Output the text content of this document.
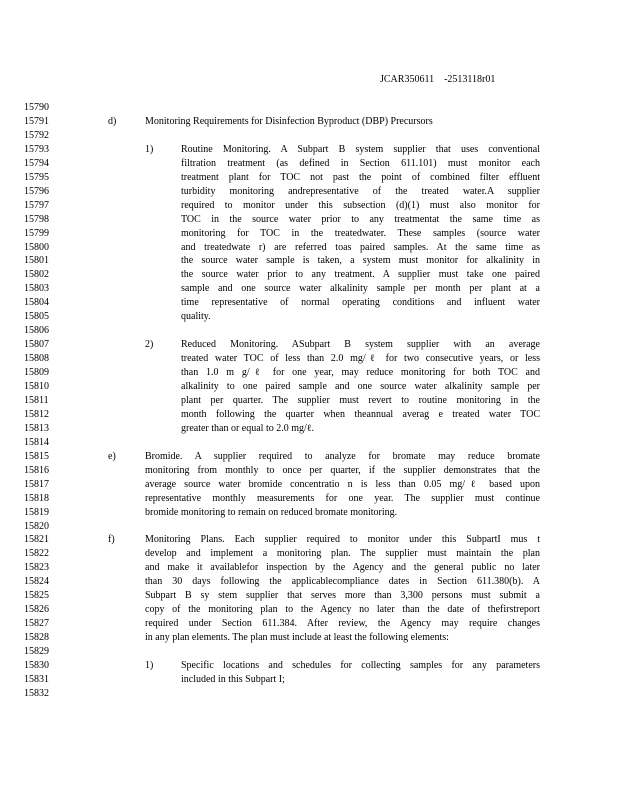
JCAR350611    -2513118r01
15790
15791	d)	Monitoring Requirements for Disinfection Byproduct (DBP) Precursors
15792
15793	1)	Routine Monitoring. A Subpart B system supplier that uses conventional
15794	filtration treatment (as defined in Section 611.101) must monitor each
15795	treatment plant for TOC not past the point of combined filter effluent
15796	turbidity monitoring andrepresentative of the treated water.A supplier
15797	required to monitor under this subsection (d)(1) must also monitor for
15798	TOC in the source water prior to any treatmentat the same time as
15799	monitoring for TOC in the treatedwater. These samples (source water
15800	and treatedwate r) are referred toas paired samples. At the same time as
15801	the source water sample is taken, a system must monitor for alkalinity in
15802	the source water prior to any treatment. A supplier must take one paired
15803	sample and one source water alkalinity sample per month per plant at a
15804	time representative of normal operating conditions and influent water
15805	quality.
15806
15807	2)	Reduced Monitoring. ASubpart B system supplier with an average
15808	treated water TOC of less than 2.0 mg/ℓ for two consecutive years, or less
15809	than 1.0 m g/ℓ for one year, may reduce monitoring for both TOC and
15810	alkalinity to one paired sample and one source water alkalinity sample per
15811	plant per quarter. The supplier must revert to routine monitoring in the
15812	month following the quarter when theannual averag e treated water TOC
15813	greater than or equal to 2.0 mg/ℓ.
15814
15815	e)	Bromide. A supplier required to analyze for bromate may reduce bromate
15816	monitoring from monthly to once per quarter, if the supplier demonstrates that the
15817	average source water bromide concentratio n is less than 0.05 mg/ℓ based upon
15818	representative monthly measurements for one year. The supplier must continue
15819	bromide monitoring to remain on reduced bromate monitoring.
15820
15821	f)	Monitoring Plans. Each supplier required to monitor under this SubpartI mus t
15822	develop and implement a monitoring plan. The supplier must maintain the plan
15823	and make it availablefor inspection by the Agency and the general public no later
15824	than 30 days following the applicablecompliance dates in Section 611.380(b). A
15825	Subpart B sy stem supplier that serves more than 3,300 persons must submit a
15826	copy of the monitoring plan to the Agency no later than the date of thefirstreport
15827	required under Section 611.384. After review, the Agency may require changes
15828	in any plan elements. The plan must include at least the following elements:
15829
15830	1)	Specific locations and schedules for collecting samples for any parameters
15831	included in this Subpart I;
15832
